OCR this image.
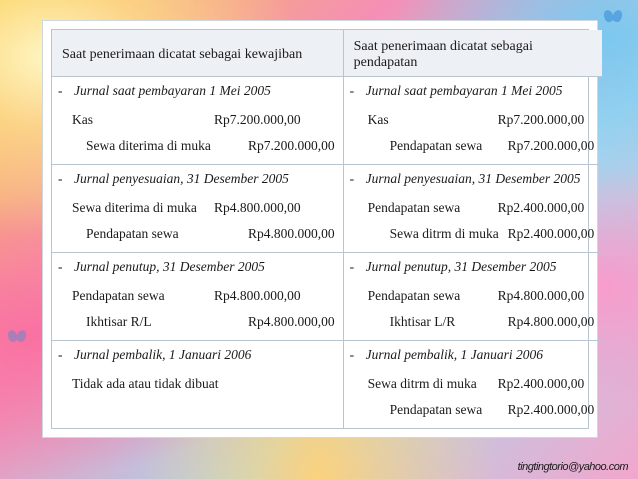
Saat penerimaan dicatat sebagai kewajiban
Saat penerimaan dicatat sebagai pendapatan
- Jurnal saat pembayaran 1 Mei 2005
Kas	Rp7.200.000,00
Sewa diterima di muka	Rp7.200.000,00
- Jurnal saat pembayaran 1 Mei 2005
Kas	Rp7.200.000,00
Pendapatan sewa	Rp7.200.000,00
- Jurnal penyesuaian, 31 Desember 2005
Sewa diterima di muka	Rp4.800.000,00
Pendapatan sewa	Rp4.800.000,00
- Jurnal penyesuaian, 31 Desember 2005
Pendapatan sewa	Rp2.400.000,00
Sewa ditrm di muka Rp2.400.000,00
- Jurnal penutup, 31 Desember 2005
Pendapatan sewa	Rp4.800.000,00
Ikhtisar R/L	Rp4.800.000,00
- Jurnal penutup, 31 Desember 2005
Pendapatan sewa	Rp4.800.000,00
Ikhtisar L/R	Rp4.800.000,00
- Jurnal pembalik, 1 Januari 2006
Tidak ada atau tidak dibuat
- Jurnal pembalik, 1 Januari 2006
Sewa ditrm di muka	Rp2.400.000,00
Pendapatan sewa	Rp2.400.000,00
tingtingtorio@yahoo.com
